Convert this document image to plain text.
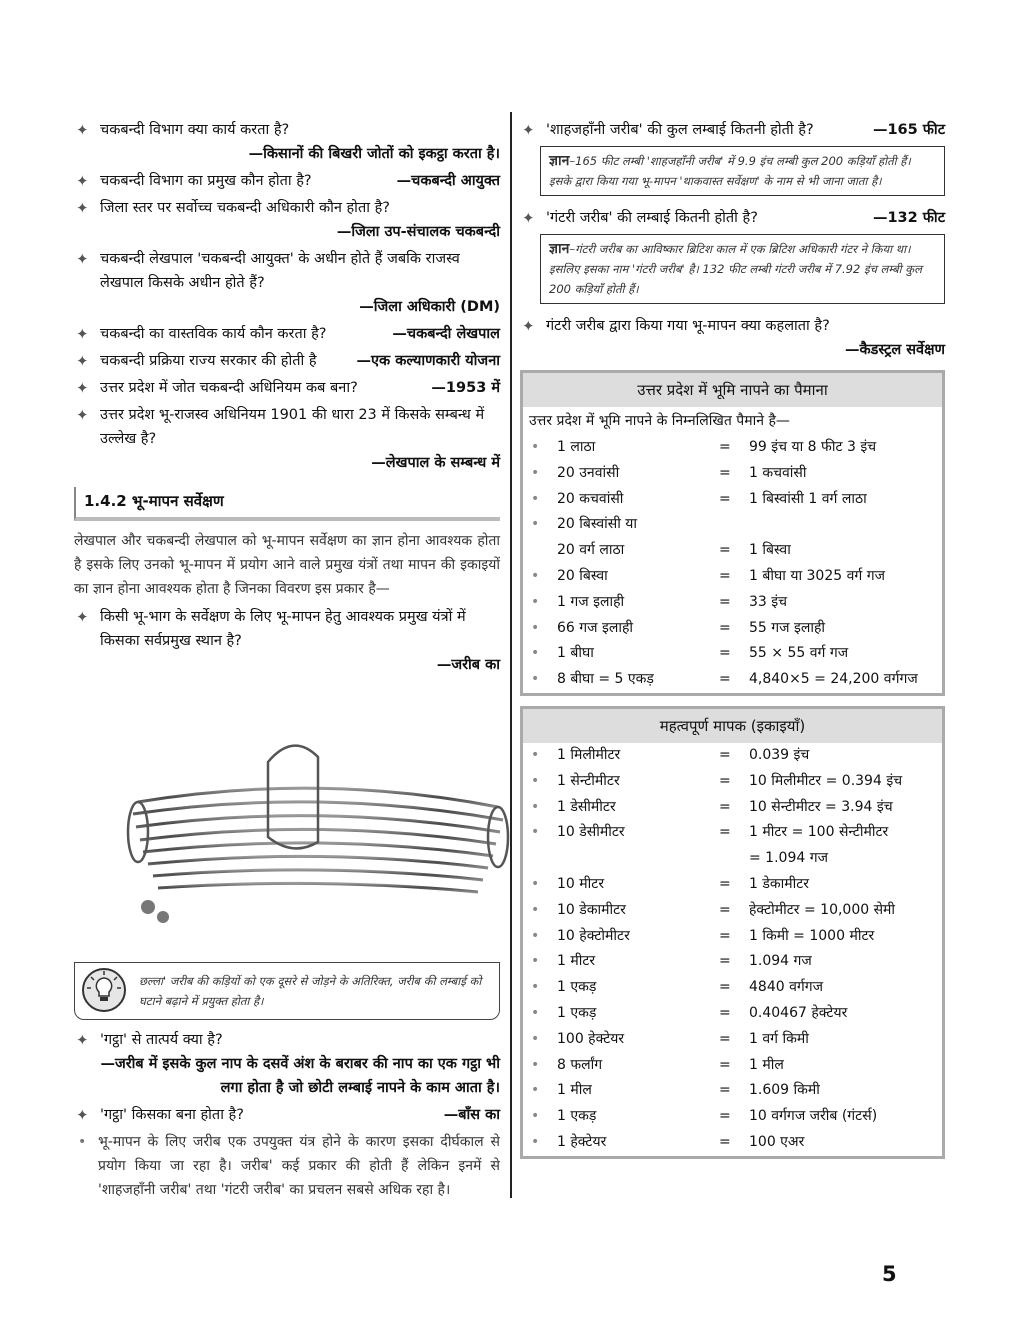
✦ चकबन्दी विभाग क्या कार्य करता है?
—किसानों की बिखरी जोतों को इकट्ठा करता है।
✦	—चकबन्दी आयुक्त
चकबन्दी विभाग का प्रमुख कौन होता है?
✦ जिला स्तर पर सर्वोच्च चकबन्दी अधिकारी कौन होता है?
—जिला उप-संचालक चकबन्दी
✦ चकबन्दी लेखपाल 'चकबन्दी आयुक्त' के अधीन होते हैं जबकि राजस्व लेखपाल किसके अधीन होते हैं?
—जिला अधिकारी (DM)
✦	—चकबन्दी लेखपाल
चकबन्दी का वास्तविक कार्य कौन करता है?
✦	—एक कल्याणकारी योजना
चकबन्दी प्रक्रिया राज्य सरकार की होती है
✦	—1953 में
उत्तर प्रदेश में जोत चकबन्दी अधिनियम कब बना?
✦ उत्तर प्रदेश भू-राजस्व अधिनियम 1901 की धारा 23 में किसके सम्बन्ध में उल्लेख है?
—लेखपाल के सम्बन्ध में
1.4.2 भू-मापन सर्वेक्षण
लेखपाल और चकबन्दी लेखपाल को भू-मापन सर्वेक्षण का ज्ञान होना आवश्यक होता है इसके लिए उनको भू-मापन में प्रयोग आने वाले प्रमुख यंत्रों तथा मापन की इकाइयों का ज्ञान होना आवश्यक होता है जिनका विवरण इस प्रकार है—
✦ किसी भू-भाग के सर्वेक्षण के लिए भू-मापन हेतु आवश्यक प्रमुख यंत्रों में किसका सर्वप्रमुख स्थान है?
—जरीब का
छल्ला' जरीब की कड़ियों को एक दूसरे से जोड़ने के अतिरिक्त, जरीब की लम्बाई को घटाने बढ़ाने में प्रयुक्त होता है।
✦ 'गट्ठा' से तात्पर्य क्या है?
—जरीब में इसके कुल नाप के दसवें अंश के बराबर की नाप का एक गट्ठा भी लगा होता है जो छोटी लम्बाई नापने के काम आता है।
✦	—बाँस का
'गट्ठा' किसका बना होता है?
• भू-मापन के लिए जरीब एक उपयुक्त यंत्र होने के कारण इसका दीर्घकाल से प्रयोग किया जा रहा है। जरीब' कई प्रकार की होती हैं लेकिन इनमें से 'शाहजहाँनी जरीब' तथा 'गंटरी जरीब' का प्रचलन सबसे अधिक रहा है।
✦	—165 फीट
'शाहजहाँनी जरीब' की कुल लम्बाई कितनी होती है?
ज्ञान–165 फीट लम्बी 'शाहजहाँनी जरीब' में 9.9 इंच लम्बी कुल 200 कड़ियाँ होती हैं। इसके द्वारा किया गया भू-मापन 'थाकवास्त सर्वेक्षण' के नाम से भी जाना जाता है।
✦	—132 फीट
'गंटरी जरीब' की लम्बाई कितनी होती है?
ज्ञान–गंटरी जरीब का आविष्कार ब्रिटिश काल में एक ब्रिटिश अधिकारी गंटर ने किया था। इसलिए इसका नाम 'गंटरी जरीब' है। 132 फीट लम्बी गंटरी जरीब में 7.92 इंच लम्बी कुल 200 कड़ियाँ होती हैं।
✦ गंटरी जरीब द्वारा किया गया भू-मापन क्या कहलाता है?
—कैडस्ट्रल सर्वेक्षण
उत्तर प्रदेश में भूमि नापने का पैमाना
उत्तर प्रदेश में भूमि नापने के निम्नलिखित पैमाने है—
• 1 लाठा	= 99 इंच या 8 फीट 3 इंच
• 20 उनवांसी	= 1 कचवांसी
• 20 कचवांसी	= 1 बिस्वांसी 1 वर्ग लाठा
• 20 बिस्वांसी या
20 वर्ग लाठा	= 1 बिस्वा
• 20 बिस्वा	= 1 बीघा या 3025 वर्ग गज
• 1 गज इलाही	= 33 इंच
• 66 गज इलाही	= 55 गज इलाही
• 1 बीघा	= 55 × 55 वर्ग गज
• 8 बीघा = 5 एकड़	= 4,840×5 = 24,200 वर्गगज
महत्वपूर्ण मापक (इकाइयाँ)
• 1 मिलीमीटर	= 0.039 इंच
• 1 सेन्टीमीटर	= 10 मिलीमीटर = 0.394 इंच
• 1 डेसीमीटर	= 10 सेन्टीमीटर = 3.94 इंच
• 10 डेसीमीटर	= 1 मीटर = 100 सेन्टीमीटर
= 1.094 गज
• 10 मीटर	= 1 डेकामीटर
• 10 डेकामीटर	= हेक्टोमीटर = 10,000 सेमी
• 10 हेक्टोमीटर	= 1 किमी = 1000 मीटर
• 1 मीटर	= 1.094 गज
• 1 एकड़	= 4840 वर्गगज
• 1 एकड़	= 0.40467 हेक्टेयर
• 100 हेक्टेयर	= 1 वर्ग किमी
• 8 फर्लांग	= 1 मील
• 1 मील	= 1.609 किमी
• 1 एकड़	= 10 वर्गगज जरीब (गंटर्स)
• 1 हेक्टेयर	= 100 एअर
5
